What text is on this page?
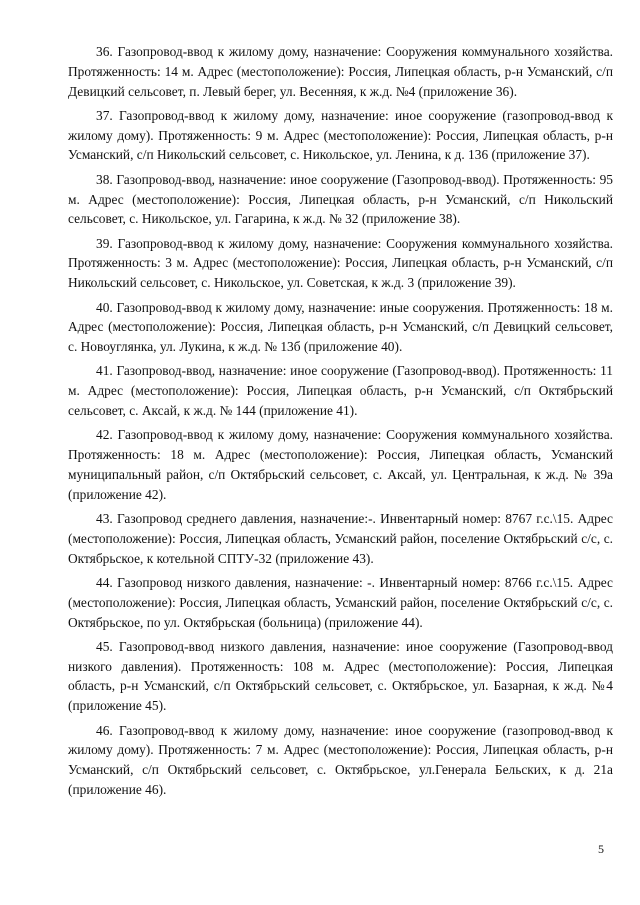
36. Газопровод-ввод к жилому дому, назначение: Сооружения коммунального хозяйства. Протяженность: 14 м. Адрес (местоположение): Россия, Липецкая область, р-н Усманский, с/п Девицкий сельсовет, п. Левый берег, ул. Весенняя, к ж.д. №4 (приложение 36).

37. Газопровод-ввод к жилому дому, назначение: иное сооружение (газопровод-ввод к жилому дому). Протяженность: 9 м. Адрес (местоположение): Россия, Липецкая область, р-н Усманский, с/п Никольский сельсовет, с. Никольское, ул. Ленина, к д. 136 (приложение 37).

38. Газопровод-ввод, назначение: иное сооружение (Газопровод-ввод). Протяженность: 95 м. Адрес (местоположение): Россия, Липецкая область, р-н Усманский, с/п Никольский сельсовет, с. Никольское, ул. Гагарина, к ж.д. № 32 (приложение 38).

39. Газопровод-ввод к жилому дому, назначение: Сооружения коммунального хозяйства. Протяженность: 3 м. Адрес (местоположение): Россия, Липецкая область, р-н Усманский, с/п Никольский сельсовет, с. Никольское, ул. Советская, к ж.д. 3 (приложение 39).

40. Газопровод-ввод к жилому дому, назначение: иные сооружения. Протяженность: 18 м. Адрес (местоположение): Россия, Липецкая область, р-н Усманский, с/п Девицкий сельсовет, с. Новоуглянка, ул. Лукина, к ж.д. № 13б (приложение 40).

41. Газопровод-ввод, назначение: иное сооружение (Газопровод-ввод). Протяженность: 11 м. Адрес (местоположение): Россия, Липецкая область, р-н Усманский, с/п Октябрьский сельсовет, с. Аксай, к ж.д. № 144 (приложение 41).

42. Газопровод-ввод к жилому дому, назначение: Сооружения коммунального хозяйства. Протяженность: 18 м. Адрес (местоположение): Россия, Липецкая область, Усманский муниципальный район, с/п Октябрьский сельсовет, с. Аксай, ул. Центральная, к ж.д. № 39а (приложение 42).

43. Газопровод среднего давления, назначение:-. Инвентарный номер: 8767 г.с.\15. Адрес (местоположение): Россия, Липецкая область, Усманский район, поселение Октябрьский с/с, с. Октябрьское, к котельной СПТУ-32 (приложение 43).

44. Газопровод низкого давления, назначение: -. Инвентарный номер: 8766 г.с.\15. Адрес (местоположение): Россия, Липецкая область, Усманский район, поселение Октябрьский с/с, с. Октябрьское, по ул. Октябрьская (больница) (приложение 44).

45. Газопровод-ввод низкого давления, назначение: иное сооружение (Газопровод-ввод низкого давления). Протяженность: 108 м. Адрес (местоположение): Россия, Липецкая область, р-н Усманский, с/п Октябрьский сельсовет, с. Октябрьское, ул. Базарная, к ж.д. №4 (приложение 45).

46. Газопровод-ввод к жилому дому, назначение: иное сооружение (газопровод-ввод к жилому дому). Протяженность: 7 м. Адрес (местоположение): Россия, Липецкая область, р-н Усманский, с/п Октябрьский сельсовет, с. Октябрьское, ул.Генерала Бельских, к д. 21а (приложение 46).

5
